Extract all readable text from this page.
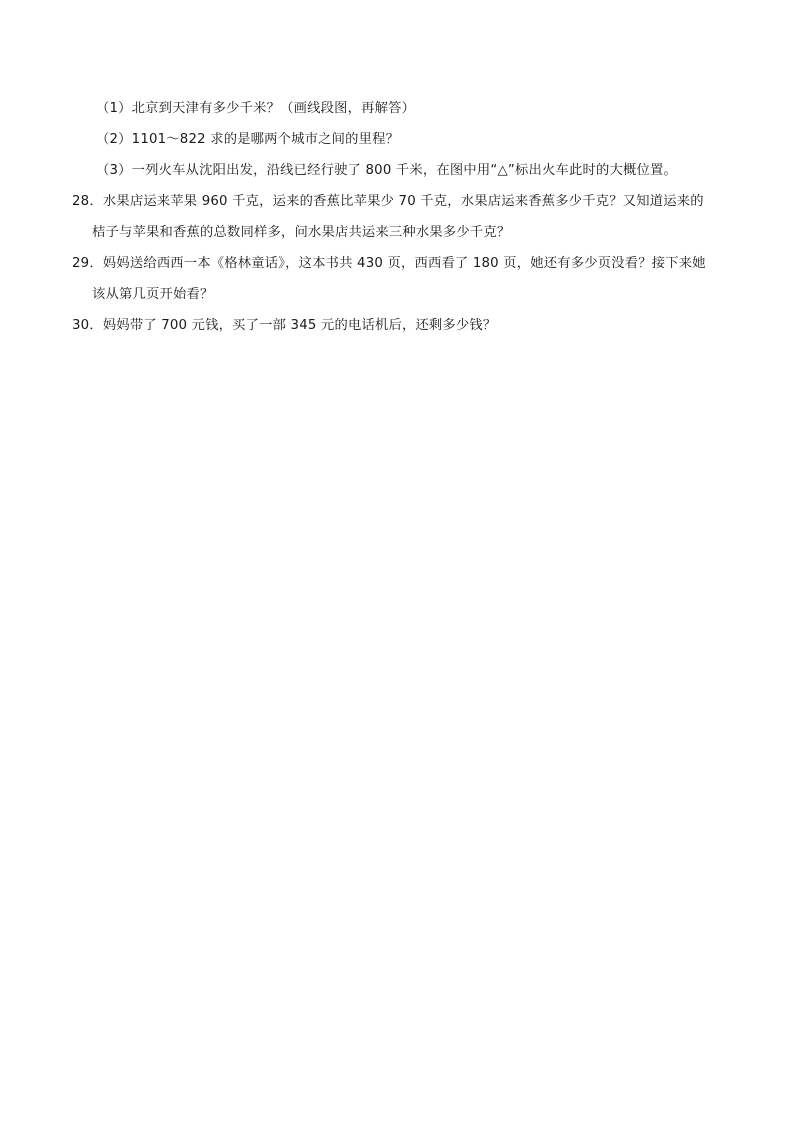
（1）北京到天津有多少千米？（画线段图，再解答）

（2）1101～822 求的是哪两个城市之间的里程？

（3）一列火车从沈阳出发，沿线已经行驶了 800 千米，在图中用“△”标出火车此时的大概位置。

28．水果店运来苹果 960 千克，运来的香蕉比苹果少 70 千克，水果店运来香蕉多少千克？又知道运来的

桔子与苹果和香蕉的总数同样多，问水果店共运来三种水果多少千克？

29．妈妈送给西西一本《格林童话》，这本书共 430 页，西西看了 180 页，她还有多少页没看？接下来她

该从第几页开始看？

30．妈妈带了 700 元钱，买了一部 345 元的电话机后，还剩多少钱？
